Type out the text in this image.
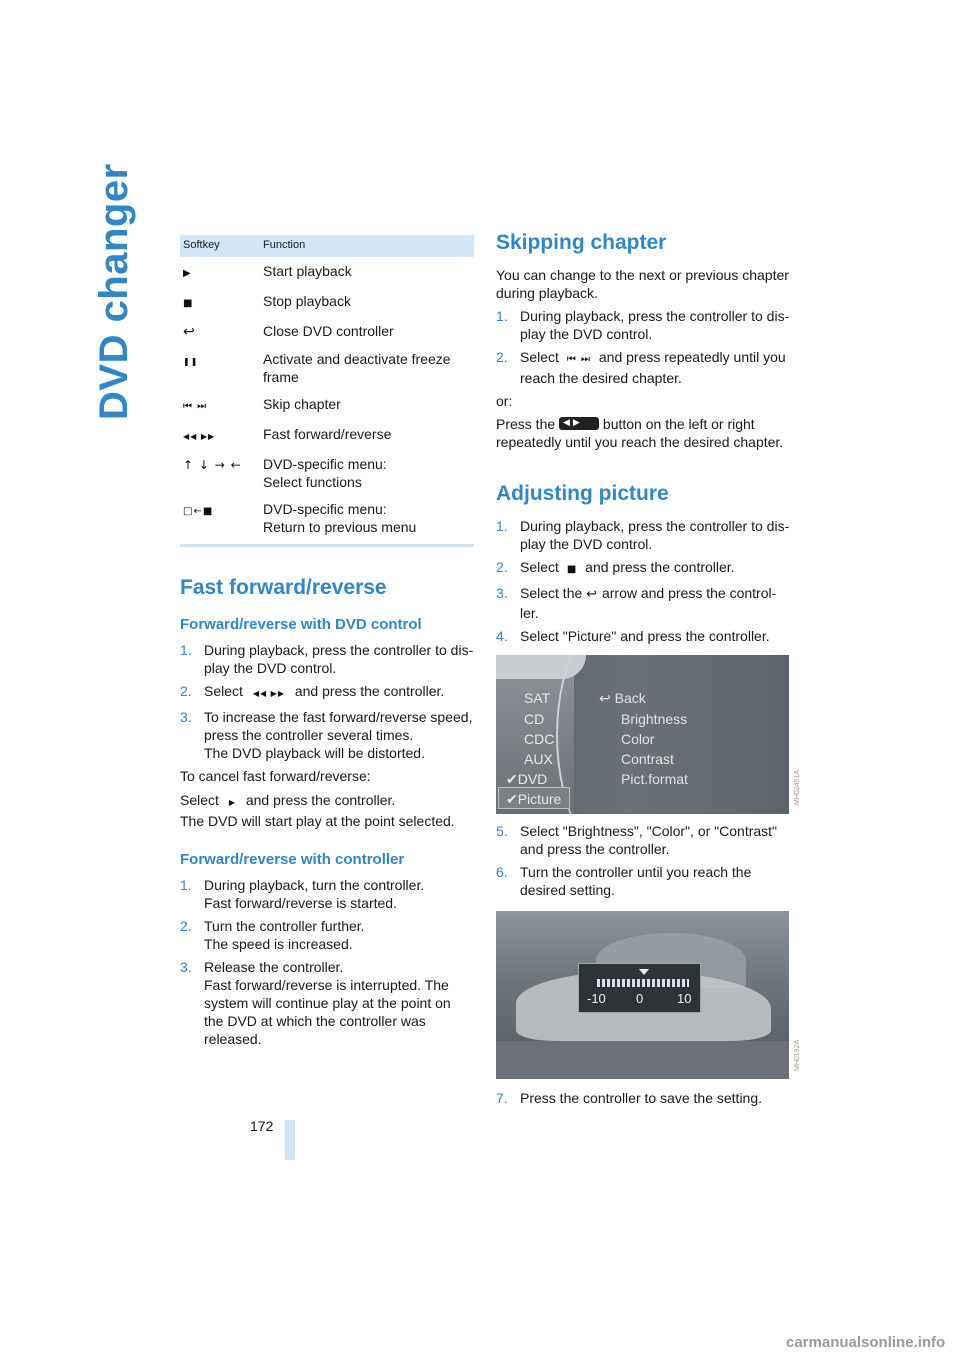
DVD changer	Softkey	Function
▶	Start playback
■	Stop playback
↩	Close DVD controller
❚❚	Activate and deactivate freeze frame
⏮ ⏭	Skip chapter
◀◀ ▶▶	Fast forward/reverse
↑ ↓ → ←	DVD-specific menu:
Select functions

□←■	DVD-specific menu:
Return to previous menu
Fast forward/reverse
Forward/reverse with DVD control
1. During playback, press the controller to dis-play the DVD control.
2. Select ◀◀ ▶▶ and press the controller.
3. To increase the fast forward/reverse speed, press the controller several times.
The DVD playback will be distorted.

To cancel fast forward/reverse:

Select ▶ and press the controller.

The DVD will start play at the point selected.

Forward/reverse with controller
1. During playback, turn the controller.
Fast forward/reverse is started.
2. Turn the controller further.
The speed is increased.
3. Release the controller.
Fast forward/reverse is interrupted. The system will continue play at the point on the DVD at which the controller was released.
Skipping chapter

You can change to the next or previous chapter during playback.

1. During playback, press the controller to dis-play the DVD control.
2. Select ⏮ ⏭ and press repeatedly until you reach the desired chapter.

or:

Press the ◀ ▶ button on the left or right repeatedly until you reach the desired chapter.

Adjusting picture
1. During playback, press the controller to dis-play the DVD control.
2. Select ■ and press the controller.
3. Select the ↩ arrow and press the control-ler.
4. Select "Picture" and press the controller.
SAT
CD
CDC
AUX
✔DVD
✔Picture
↩ Back
Brightness
Color
Contrast
Pict.format	MH02451A
5. Select "Brightness", "Color", or "Contrast" and press the controller.
6. Turn the controller until you reach the desired setting.
-10 0	10
MH0192A
7. Press the controller to save the setting.
172
carmanualsonline.info
